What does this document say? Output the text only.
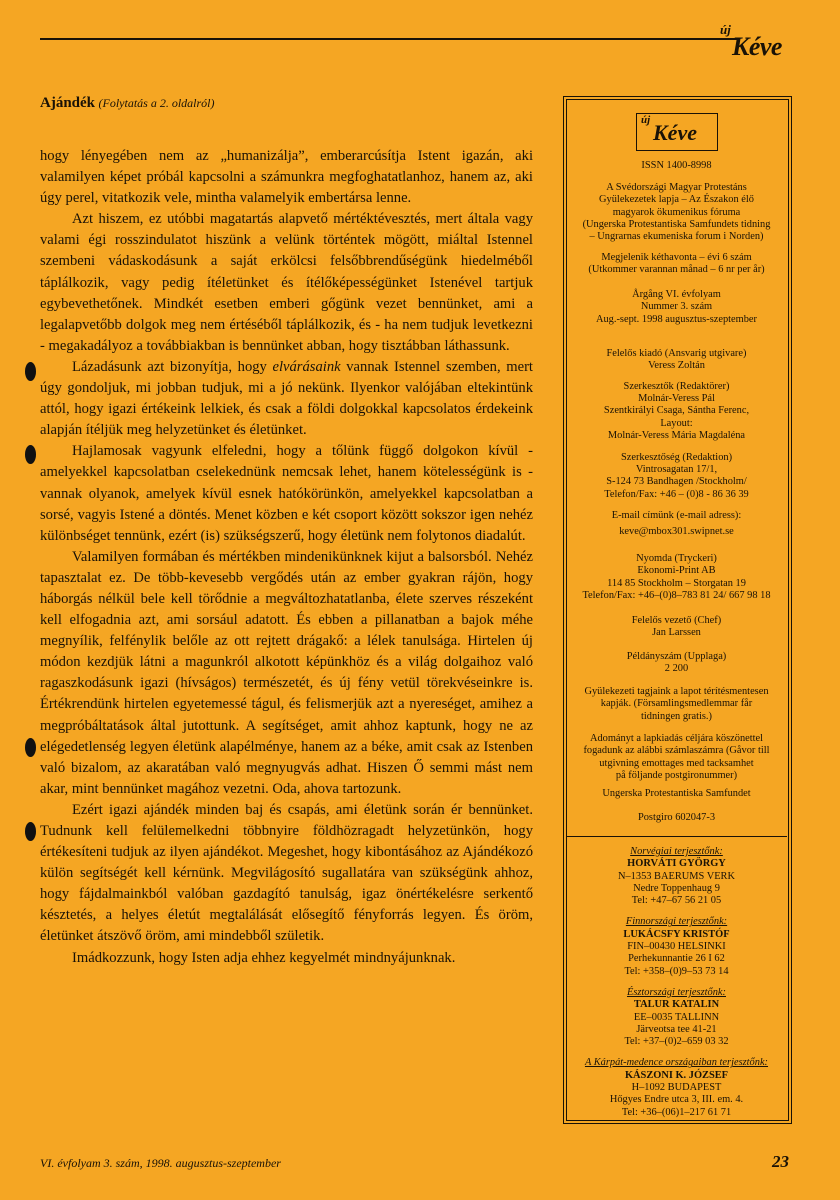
új
Kéve
Ajándék (Folytatás a 2. oldalról)

hogy lényegében nem az „humanizálja”, emberarcúsítja Istent igazán, aki valamilyen képet próbál kapcsolni a számunkra megfoghatatlanhoz, hanem az, aki úgy perel, vitatkozik vele, mintha valamelyik embertársa lenne.

Azt hiszem, ez utóbbi magatartás alapvető mértéktévesztés, mert általa vagy valami égi rosszindulatot hiszünk a velünk történtek mögött, miáltal Istennel szembeni vádaskodásunk a saját erkölcsi felsőbbrendűségünk hiedelméből táplálkozik, vagy pedig ítéletünket és ítélőképességünket Istenével tartjuk egybevethetőnek. Mindkét esetben emberi gőgünk vezet bennünket, ami a legalapvetőbb dolgok meg nem értéséből táplálkozik, és - ha nem tudjuk levetkezni - megakadályoz a továbbiakban is bennünket abban, hogy tisztábban láthassunk.

Lázadásunk azt bizonyítja, hogy elvárásaink vannak Istennel szemben, mert úgy gondoljuk, mi jobban tudjuk, mi a jó nekünk. Ilyenkor valójában eltekintünk attól, hogy igazi értékeink lelkiek, és csak a földi dolgokkal kapcsolatos érdekeink alapján ítéljük meg helyzetünket és életünket.

Hajlamosak vagyunk elfeledni, hogy a tőlünk függő dolgokon kívül - amelyekkel kapcsolatban cselekednünk nemcsak lehet, hanem kötelességünk is - vannak olyanok, amelyek kívül esnek hatókörünkön, amelyekkel kapcsolatban a sorsé, vagyis Istené a döntés. Menet közben e két csoport között sokszor igen nehéz különbséget tennünk, ezért (is) szükségszerű, hogy életünk nem folytonos diadalút.

Valamilyen formában és mértékben mindenikünknek kijut a balsorsból. Nehéz tapasztalat ez. De több-kevesebb vergődés után az ember gyakran rájön, hogy háborgás nélkül bele kell törődnie a megváltozhatatlanba, élete szerves részeként kell elfogadnia azt, ami sorsául adatott. És ebben a pillanatban a bajok méhe megnyílik, felfénylik belőle az ott rejtett drágakő: a lélek tanulsága. Hirtelen új módon kezdjük látni a magunkról alkotott képünkhöz és a világ dolgaihoz való ragaszkodásunk igazi (hívságos) természetét, és új fény vetül törekvéseinkre is. Értékrendünk hirtelen egyetemessé tágul, és felismerjük azt a nyereséget, amihez a megpróbáltatások által jutottunk. A segítséget, amit ahhoz kaptunk, hogy ne az elégedetlenség legyen életünk alapélménye, hanem az a béke, amit csak az Istenben való bizalom, az akaratában való megnyugvás adhat. Hiszen Ő semmi mást nem akar, mint bennünket magához vezetni. Oda, ahova tartozunk.

Ezért igazi ajándék minden baj és csapás, ami életünk során ér bennünket. Tudnunk kell felülemelkedni többnyire földhözragadt helyzetünkön, hogy értékesíteni tudjuk az ilyen ajándékot. Megeshet, hogy kibontásához az Ajándékozó külön segítségét kell kérnünk. Megvilágosító sugallatára van szükségünk ahhoz, hogy fájdalmainkból valóban gazdagító tanulság, igaz önértékelésre serkentő késztetés, a helyes életút megtalálását elősegítő fényforrás legyen. És öröm, életünket átszövő öröm, ami mindebből születik.

Imádkozzunk, hogy Isten adja ehhez kegyelmét mindnyájunknak.

új Kéve
ISSN 1400-8998
A Svédországi Magyar Protestáns
Gyülekezetek lapja – Az Északon élő
magyarok ökumenikus fóruma
(Ungerska Protestantiska Samfundets tidning
– Ungrarnas ekumeniska forum i Norden)
Megjelenik kéthavonta – évi 6 szám
(Utkommer varannan månad – 6 nr per år)
Årgång VI. évfolyam
Nummer 3. szám
Aug.-sept. 1998 augusztus-szeptember
Felelős kiadó (Ansvarig utgivare)
Veress Zoltán
Szerkesztők (Redaktörer)
Molnár-Veress Pál
Szentkirályi Csaga, Sántha Ferenc,
Layout:
Molnár-Veress Mária Magdaléna
Szerkesztőség (Redaktion)
Vintrosagatan 17/1,
S-124 73 Bandhagen /Stockholm/
Telefon/Fax: +46 – (0)8 - 86 36 39
E-mail címünk (e-mail adress):
keve@mbox301.swipnet.se
Nyomda (Tryckeri)
Ekonomi-Print AB
114 85 Stockholm – Storgatan 19
Telefon/Fax: +46–(0)8–783 81 24/ 667 98 18
Felelős vezető (Chef)
Jan Larssen
Példányszám (Upplaga)
2 200
Gyülekezeti tagjaink a lapot térítésmentesen
kapják. (Församlingsmedlemmar får
tidningen gratis.)
Adományt a lapkiadás céljára köszönettel
fogadunk az alábbi számlaszámra (Gåvor till
utgivning emottages med tacksamhet
på följande postgironummer)
Ungerska Protestantiska Samfundet
Postgiro 602047-3
Norvégiai terjesztőnk:
HORVÁTI GYÖRGY
N–1353 BAERUMS VERK
Nedre Toppenhaug 9
Tel: +47–67 56 21 05
Finnországi terjesztőnk:
LUKÁCSFY KRISTÓF
FIN–00430 HELSINKI
Perhekunnantie 26 I 62
Tel: +358–(0)9–53 73 14
Észtországi terjesztőnk:
TALUR KATALIN
EE–0035 TALLINN
Järveotsa tee 41-21
Tel: +37–(0)2–659 03 32
A Kárpát-medence országaiban terjesztőnk:
KÁSZONI K. JÓZSEF
H–1092 BUDAPEST
Hőgyes Endre utca 3, III. em. 4.
Tel: +36–(06)1–217 61 71
VI. évfolyam 3. szám, 1998. augusztus-szeptember	23
